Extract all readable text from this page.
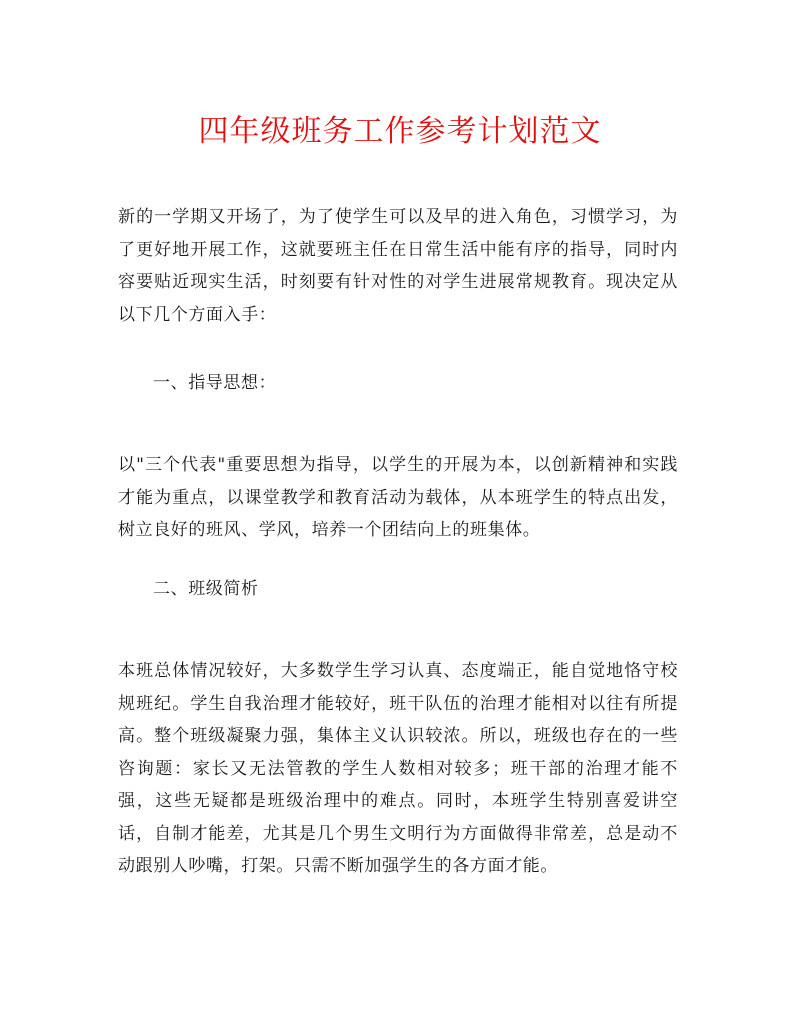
四年级班务工作参考计划范文

新的一学期又开场了，为了使学生可以及早的进入角色，习惯学习，为了更好地开展工作，这就要班主任在日常生活中能有序的指导，同时内容要贴近现实生活，时刻要有针对性的对学生进展常规教育。现决定从以下几个方面入手：

一、指导思想：

以"三个代表"重要思想为指导，以学生的开展为本，以创新精神和实践才能为重点，以课堂教学和教育活动为载体，从本班学生的特点出发，树立良好的班风、学风，培养一个团结向上的班集体。

二、班级简析

本班总体情况较好，大多数学生学习认真、态度端正，能自觉地恪守校规班纪。学生自我治理才能较好，班干队伍的治理才能相对以往有所提高。整个班级凝聚力强，集体主义认识较浓。所以，班级也存在的一些咨询题：家长又无法管教的学生人数相对较多；班干部的治理才能不强，这些无疑都是班级治理中的难点。同时，本班学生特别喜爱讲空话，自制才能差，尤其是几个男生文明行为方面做得非常差，总是动不动跟别人吵嘴，打架。只需不断加强学生的各方面才能。
